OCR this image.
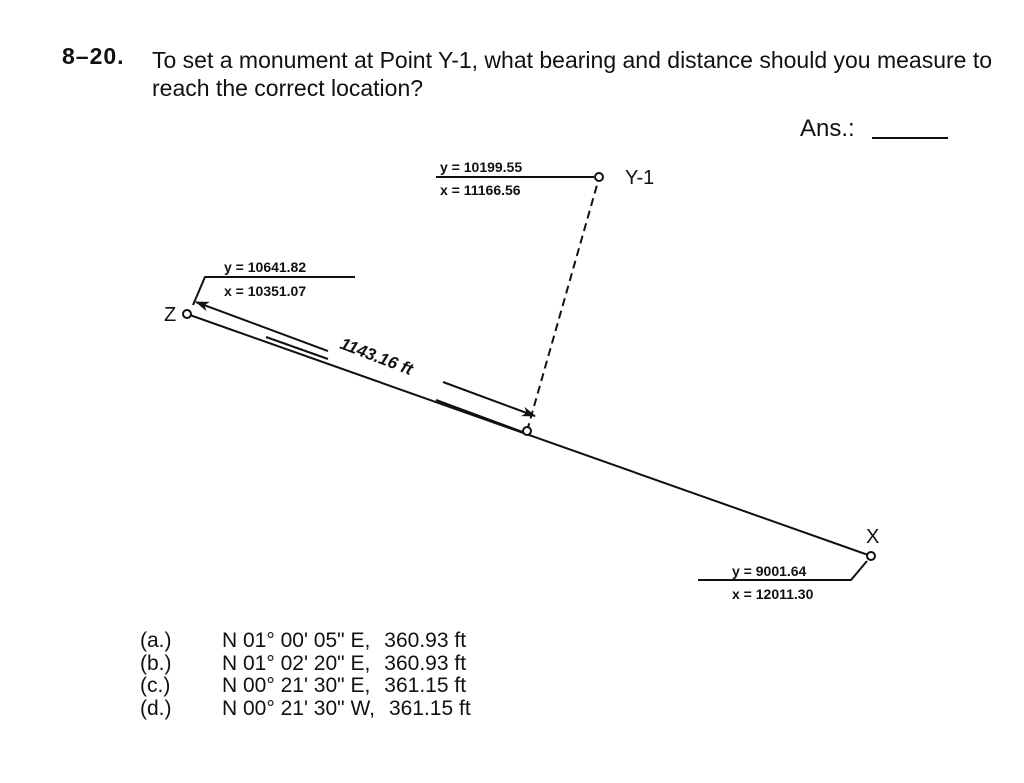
8–20. To set a monument at Point Y-1, what bearing and distance should you measure to reach the correct location?
Ans.:
1143.16 ft
Z
y = 10641.82
x = 10351.07
Y-1
y = 10199.55
x = 11166.56
X
y = 9001.64
x = 12011.30
(a.)	N 01° 00' 05" E, 360.93 ft
(b.)	N 01° 02' 20" E, 360.93 ft
(c.)	N 00° 21' 30" E, 361.15 ft
(d.)	N 00° 21' 30" W, 361.15 ft
